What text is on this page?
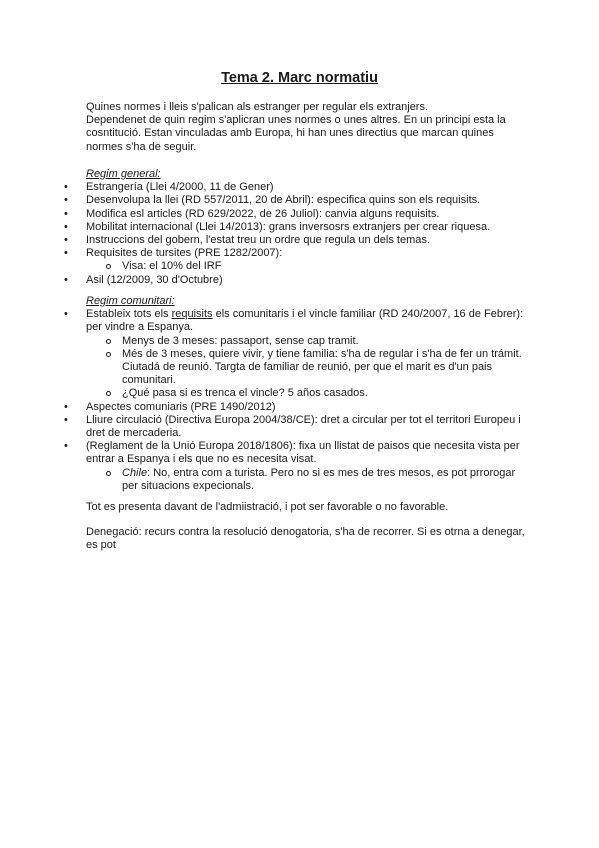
Tema 2. Marc normatiu
Quines normes i lleis s'palican als estranger per regular els extranjers.
Dependenet de quin regim s'aplicran unes normes o unes altres. En un principi esta la cosntitució. Estan vinculadas amb Europa, hi han unes directius que marcan quines normes s'ha de seguir.
Regim general:
• Estrangería (Llei 4/2000, 11 de Gener)
• Desenvolupa la llei (RD 557/2011, 20 de Abril): especifica quins son els requisits.
• Modifica esl articles (RD 629/2022, de 26 Juliol): canvia alguns requisits.
• Mobilitat internacional (Llei 14/2013): grans inversosrs extranjers per crear riquesa.
• Instruccions del gobern, l'estat treu un ordre que regula un dels temas.
• Requisites de tursites (PRE 1282/2007):
Visa: el 10% del IRF
• Asil (12/2009, 30 d'Octubre)
Regim comunitari:
• Estableix tots els requisits els comunitaris i el vincle familiar (RD 240/2007, 16 de Febrer): per vindre a Espanya.
Menys de 3 meses: passaport, sense cap tramit.
Més de 3 meses, quiere vivir, y tiene familia: s'ha de regular i s'ha de fer un trámit. Ciutadá de reunió. Targta de familiar de reunió, per que el marit es d'un pais comunitari.
¿Qué pasa si es trenca el vincle? 5 años casados.
• Aspectes comuniaris (PRE 1490/2012)
• Lliure circulació (Directiva Europa 2004/38/CE): dret a circular per tot el territori Europeu i dret de mercaderia.
• (Reglament de la Unió Europa 2018/1806): fixa un llistat de paisos que necesita vista per entrar a Espanya i els que no es necesita visat.
Chile: No, entra com a turista. Pero no si es mes de tres mesos, es pot prrorogar per situacions expecionals.
Tot es presenta davant de l'admiistració, i pot ser favorable o no favorable.
Denegació: recurs contra la resolució denogatoria, s'ha de recorrer. Si es otrna a denegar, es pot
